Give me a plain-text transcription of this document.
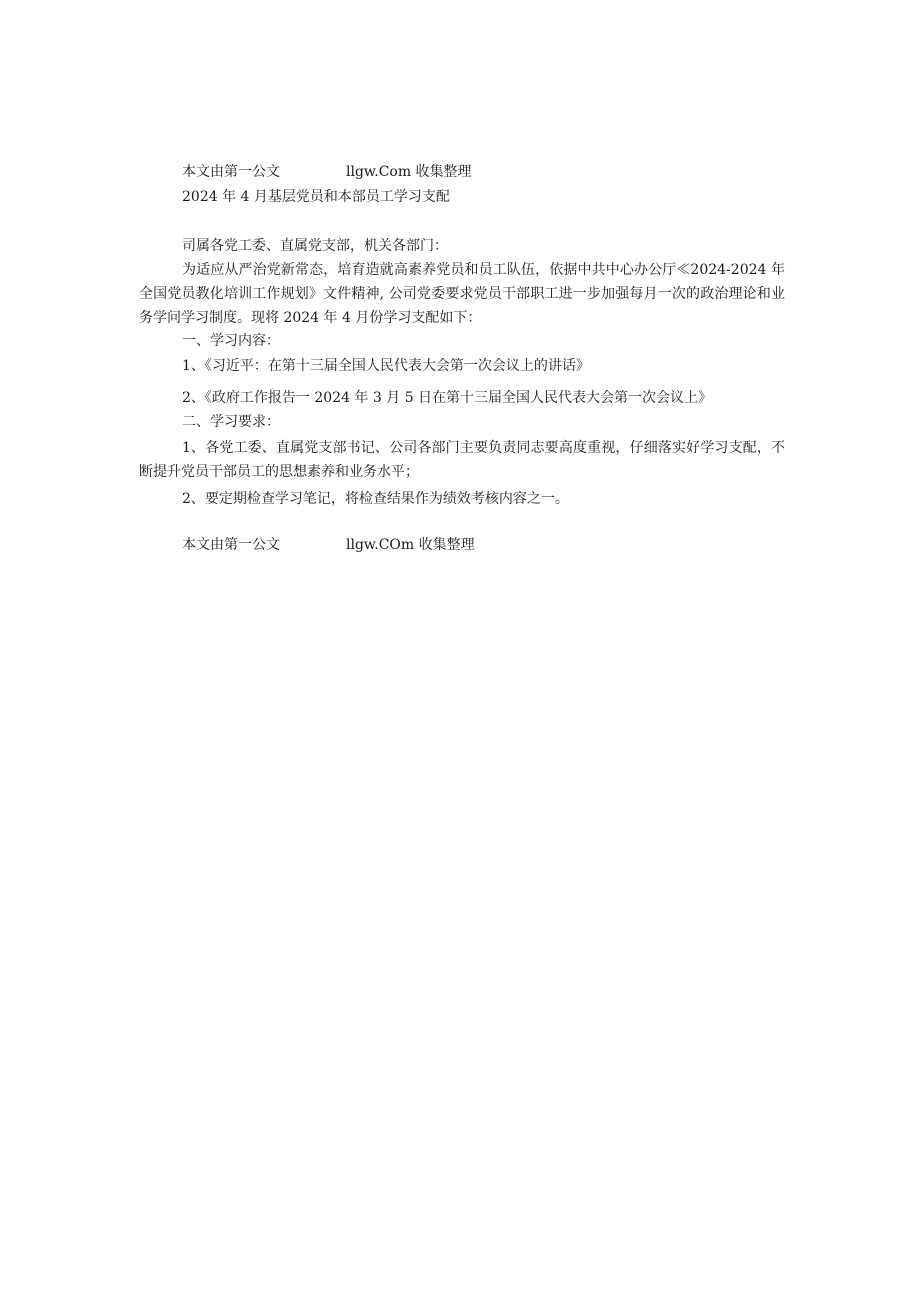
本文由第一公文	llgw.Com 收集整理
2024 年 4 月基层党员和本部员工学习支配
司属各党工委、直属党支部，机关各部门：
为适应从严治党新常态，培育造就高素养党员和员工队伍，依据中共中心办公厅≪2024-2024 年全国党员教化培训工作规划》文件精神, 公司党委要求党员干部职工进一步加强每月一次的政治理论和业务学问学习制度。现将 2024 年 4 月份学习支配如下：
一、学习内容：
1、《习近平：在第十三届全国人民代表大会第一次会议上的讲话》
2、《政府工作报告一 2024 年 3 月 5 日在第十三届全国人民代表大会第一次会议上》
二、学习要求：
1、各党工委、直属党支部书记、公司各部门主要负责同志要高度重视，仔细落实好学习支配，不断提升党员干部员工的思想素养和业务水平；
2、要定期检查学习笔记，将检查结果作为绩效考核内容之一。
本文由第一公文	llgw.COm 收集整理
